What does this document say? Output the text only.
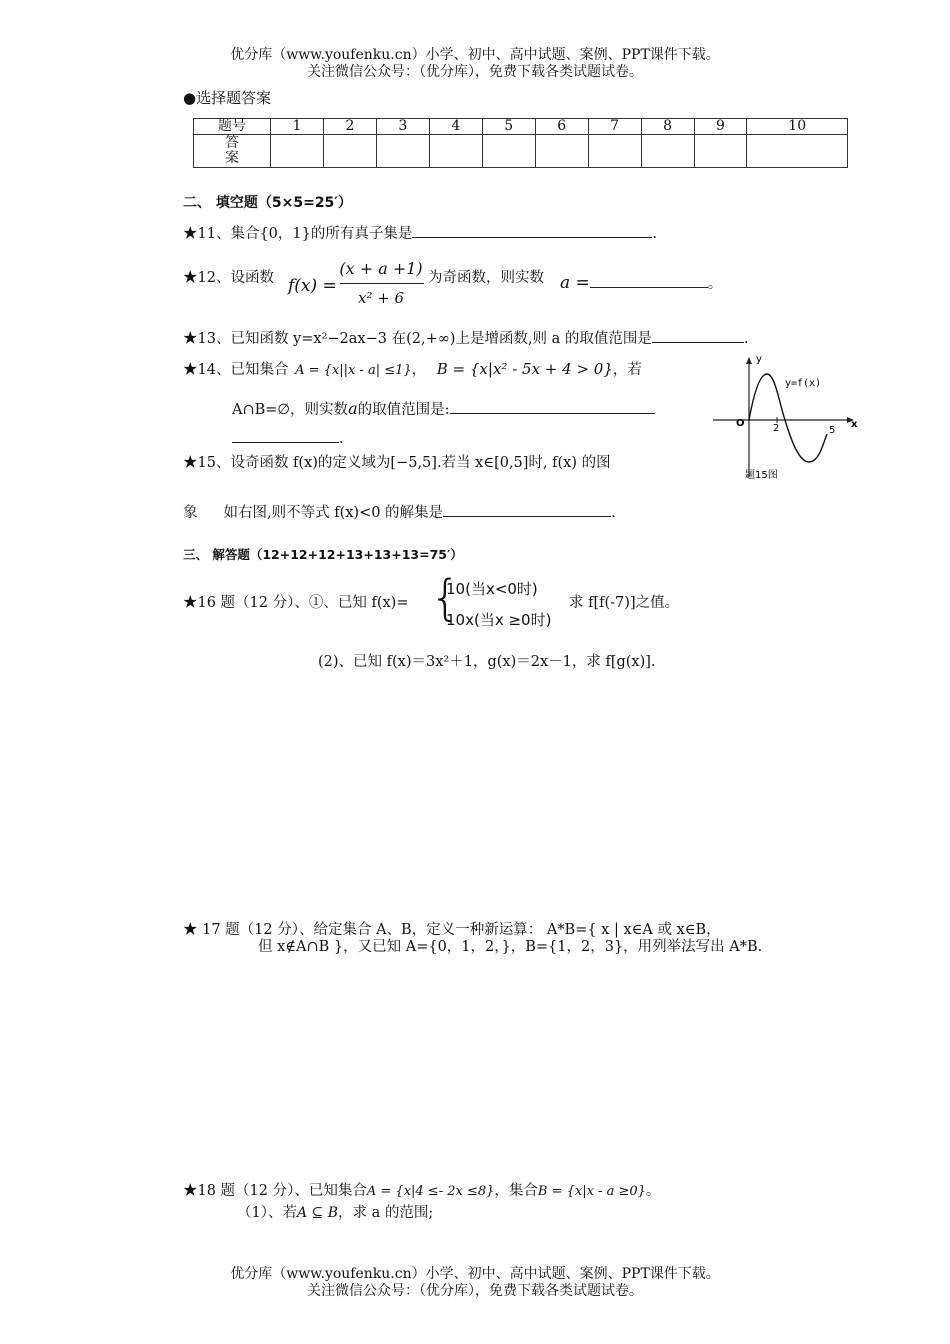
优分库（www.youfenku.cn）小学、初中、高中试题、案例、PPT课件下载。
关注微信公众号：（优分库），免费下载各类试题试卷。
●选择题答案
题号	1	2	3	4	5	6	7	8	9	10

答
案										

二、 填空题（5×5=25′）
★11、集合{0，1}的所有真子集是	.
★12、设函数 f(x) =
(x + a +1)
x² + 6
为奇函数，则实数 a =	。
★13、已知函数 y=x²−2ax−3 在(2,+∞)上是增函数,则 a 的取值范围是	.
★14、已知集合 A = {x||x - a| ≤1}， B = {x|x² - 5x + 4 > 0}，若
A∩B=∅，则实数a的取值范围是:
.
★15、设奇函数 f(x)的定义域为[−5,5].若当 x∈[0,5]时, f(x) 的图
象 如右图,则不等式 f(x)<0 的解集是	.
y
x
O	2	5
y=f(x)
题15图
三、 解答题（12+12+12+13+13+13=75′）
★16 题（12 分）、①、已知 f(x)= {
10(当x<0时)
10x(当x ≥0时)
求 f[f(-7)]之值。
(2)、已知 f(x)＝3x²＋1，g(x)＝2x－1，求 f[g(x)].
★ 17 题（12 分）、给定集合 A、B，定义一种新运算： A*B={ x | x∈A 或 x∈B，
但 x∉A∩B }，又已知 A={0，1，2，}，B={1，2，3}，用列举法写出 A*B.
★18 题（12 分）、已知集合A = {x|4 ≤- 2x ≤8}，集合B = {x|x - a ≥0}。
（1）、若A ⊆ B，求 a 的范围;
优分库（www.youfenku.cn）小学、初中、高中试题、案例、PPT课件下载。
关注微信公众号：（优分库），免费下载各类试题试卷。
